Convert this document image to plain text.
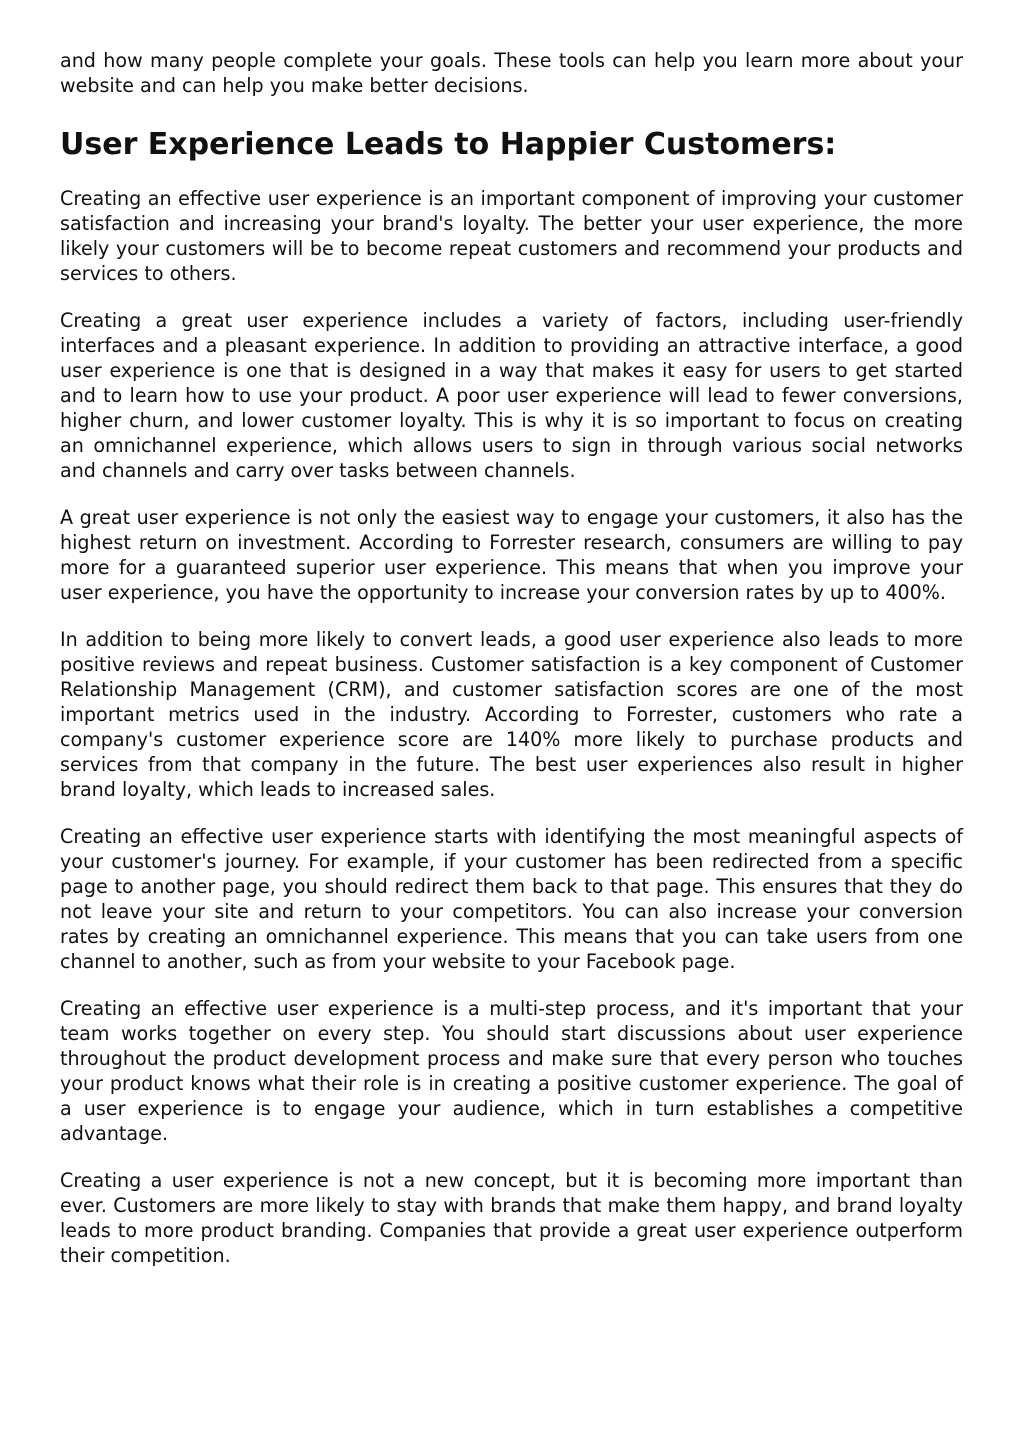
and how many people complete your goals. These tools can help you learn more about your website and can help you make better decisions.

User Experience Leads to Happier Customers:

Creating an effective user experience is an important component of improving your customer satisfaction and increasing your brand's loyalty. The better your user experience, the more likely your customers will be to become repeat customers and recommend your products and services to others.

Creating a great user experience includes a variety of factors, including user-friendly interfaces and a pleasant experience. In addition to providing an attractive interface, a good user experience is one that is designed in a way that makes it easy for users to get started and to learn how to use your product. A poor user experience will lead to fewer conversions, higher churn, and lower customer loyalty. This is why it is so important to focus on creating an omnichannel experience, which allows users to sign in through various social networks and channels and carry over tasks between channels.

A great user experience is not only the easiest way to engage your customers, it also has the highest return on investment. According to Forrester research, consumers are willing to pay more for a guaranteed superior user experience. This means that when you improve your user experience, you have the opportunity to increase your conversion rates by up to 400%.

In addition to being more likely to convert leads, a good user experience also leads to more positive reviews and repeat business. Customer satisfaction is a key component of Customer Relationship Management (CRM), and customer satisfaction scores are one of the most important metrics used in the industry. According to Forrester, customers who rate a company's customer experience score are 140% more likely to purchase products and services from that company in the future. The best user experiences also result in higher brand loyalty, which leads to increased sales.

Creating an effective user experience starts with identifying the most meaningful aspects of your customer's journey. For example, if your customer has been redirected from a specific page to another page, you should redirect them back to that page. This ensures that they do not leave your site and return to your competitors. You can also increase your conversion rates by creating an omnichannel experience. This means that you can take users from one channel to another, such as from your website to your Facebook page.

Creating an effective user experience is a multi-step process, and it's important that your team works together on every step. You should start discussions about user experience throughout the product development process and make sure that every person who touches your product knows what their role is in creating a positive customer experience. The goal of a user experience is to engage your audience, which in turn establishes a competitive advantage.

Creating a user experience is not a new concept, but it is becoming more important than ever. Customers are more likely to stay with brands that make them happy, and brand loyalty leads to more product branding. Companies that provide a great user experience outperform their competition.
